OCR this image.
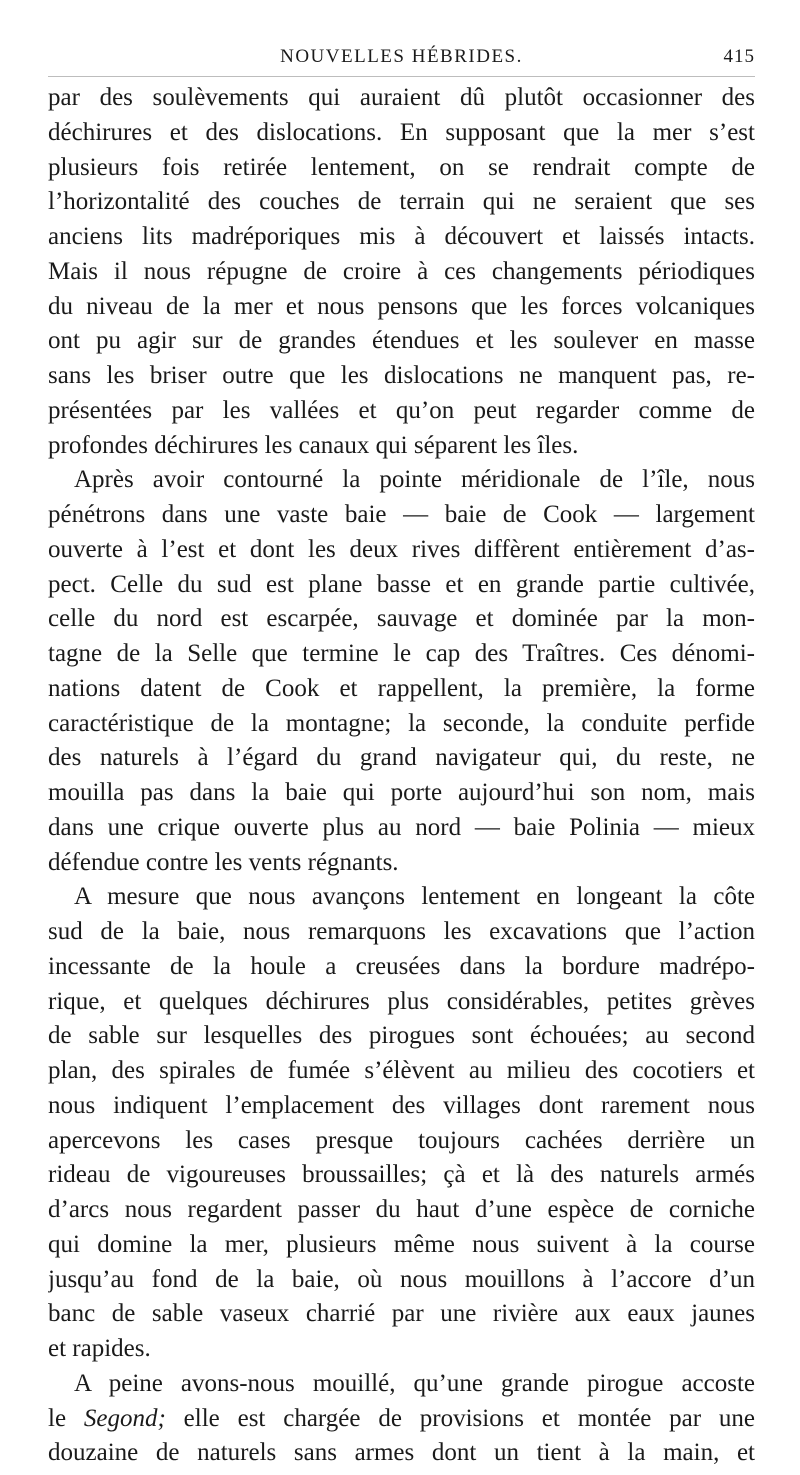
NOUVELLES HÉBRIDES.	415
par des soulèvements qui auraient dû plutôt occasionner des
déchirures et des dislocations. En supposant que la mer s’est
plusieurs fois retirée lentement, on se rendrait compte de
l’horizontalité des couches de terrain qui ne seraient que ses
anciens lits madréporiques mis à découvert et laissés intacts.
Mais il nous répugne de croire à ces changements périodiques
du niveau de la mer et nous pensons que les forces volcaniques
ont pu agir sur de grandes étendues et les soulever en masse
sans les briser outre que les dislocations ne manquent pas, re-
présentées par les vallées et qu’on peut regarder comme de
profondes déchirures les canaux qui séparent les îles.
Après avoir contourné la pointe méridionale de l’île, nous
pénétrons dans une vaste baie — baie de Cook — largement
ouverte à l’est et dont les deux rives diffèrent entièrement d’as-
pect. Celle du sud est plane basse et en grande partie cultivée,
celle du nord est escarpée, sauvage et dominée par la mon-
tagne de la Selle que termine le cap des Traîtres. Ces dénomi-
nations datent de Cook et rappellent, la première, la forme
caractéristique de la montagne; la seconde, la conduite perfide
des naturels à l’égard du grand navigateur qui, du reste, ne
mouilla pas dans la baie qui porte aujourd’hui son nom, mais
dans une crique ouverte plus au nord — baie Polinia — mieux
défendue contre les vents régnants.
A mesure que nous avançons lentement en longeant la côte
sud de la baie, nous remarquons les excavations que l’action
incessante de la houle a creusées dans la bordure madrépo-
rique, et quelques déchirures plus considérables, petites grèves
de sable sur lesquelles des pirogues sont échouées; au second
plan, des spirales de fumée s’élèvent au milieu des cocotiers et
nous indiquent l’emplacement des villages dont rarement nous
apercevons les cases presque toujours cachées derrière un
rideau de vigoureuses broussailles; çà et là des naturels armés
d’arcs nous regardent passer du haut d’une espèce de corniche
qui domine la mer, plusieurs même nous suivent à la course
jusqu’au fond de la baie, où nous mouillons à l’accore d’un
banc de sable vaseux charrié par une rivière aux eaux jaunes
et rapides.
A peine avons-nous mouillé, qu’une grande pirogue accoste
le Segond; elle est chargée de provisions et montée par une
douzaine de naturels sans armes dont un tient à la main, et
